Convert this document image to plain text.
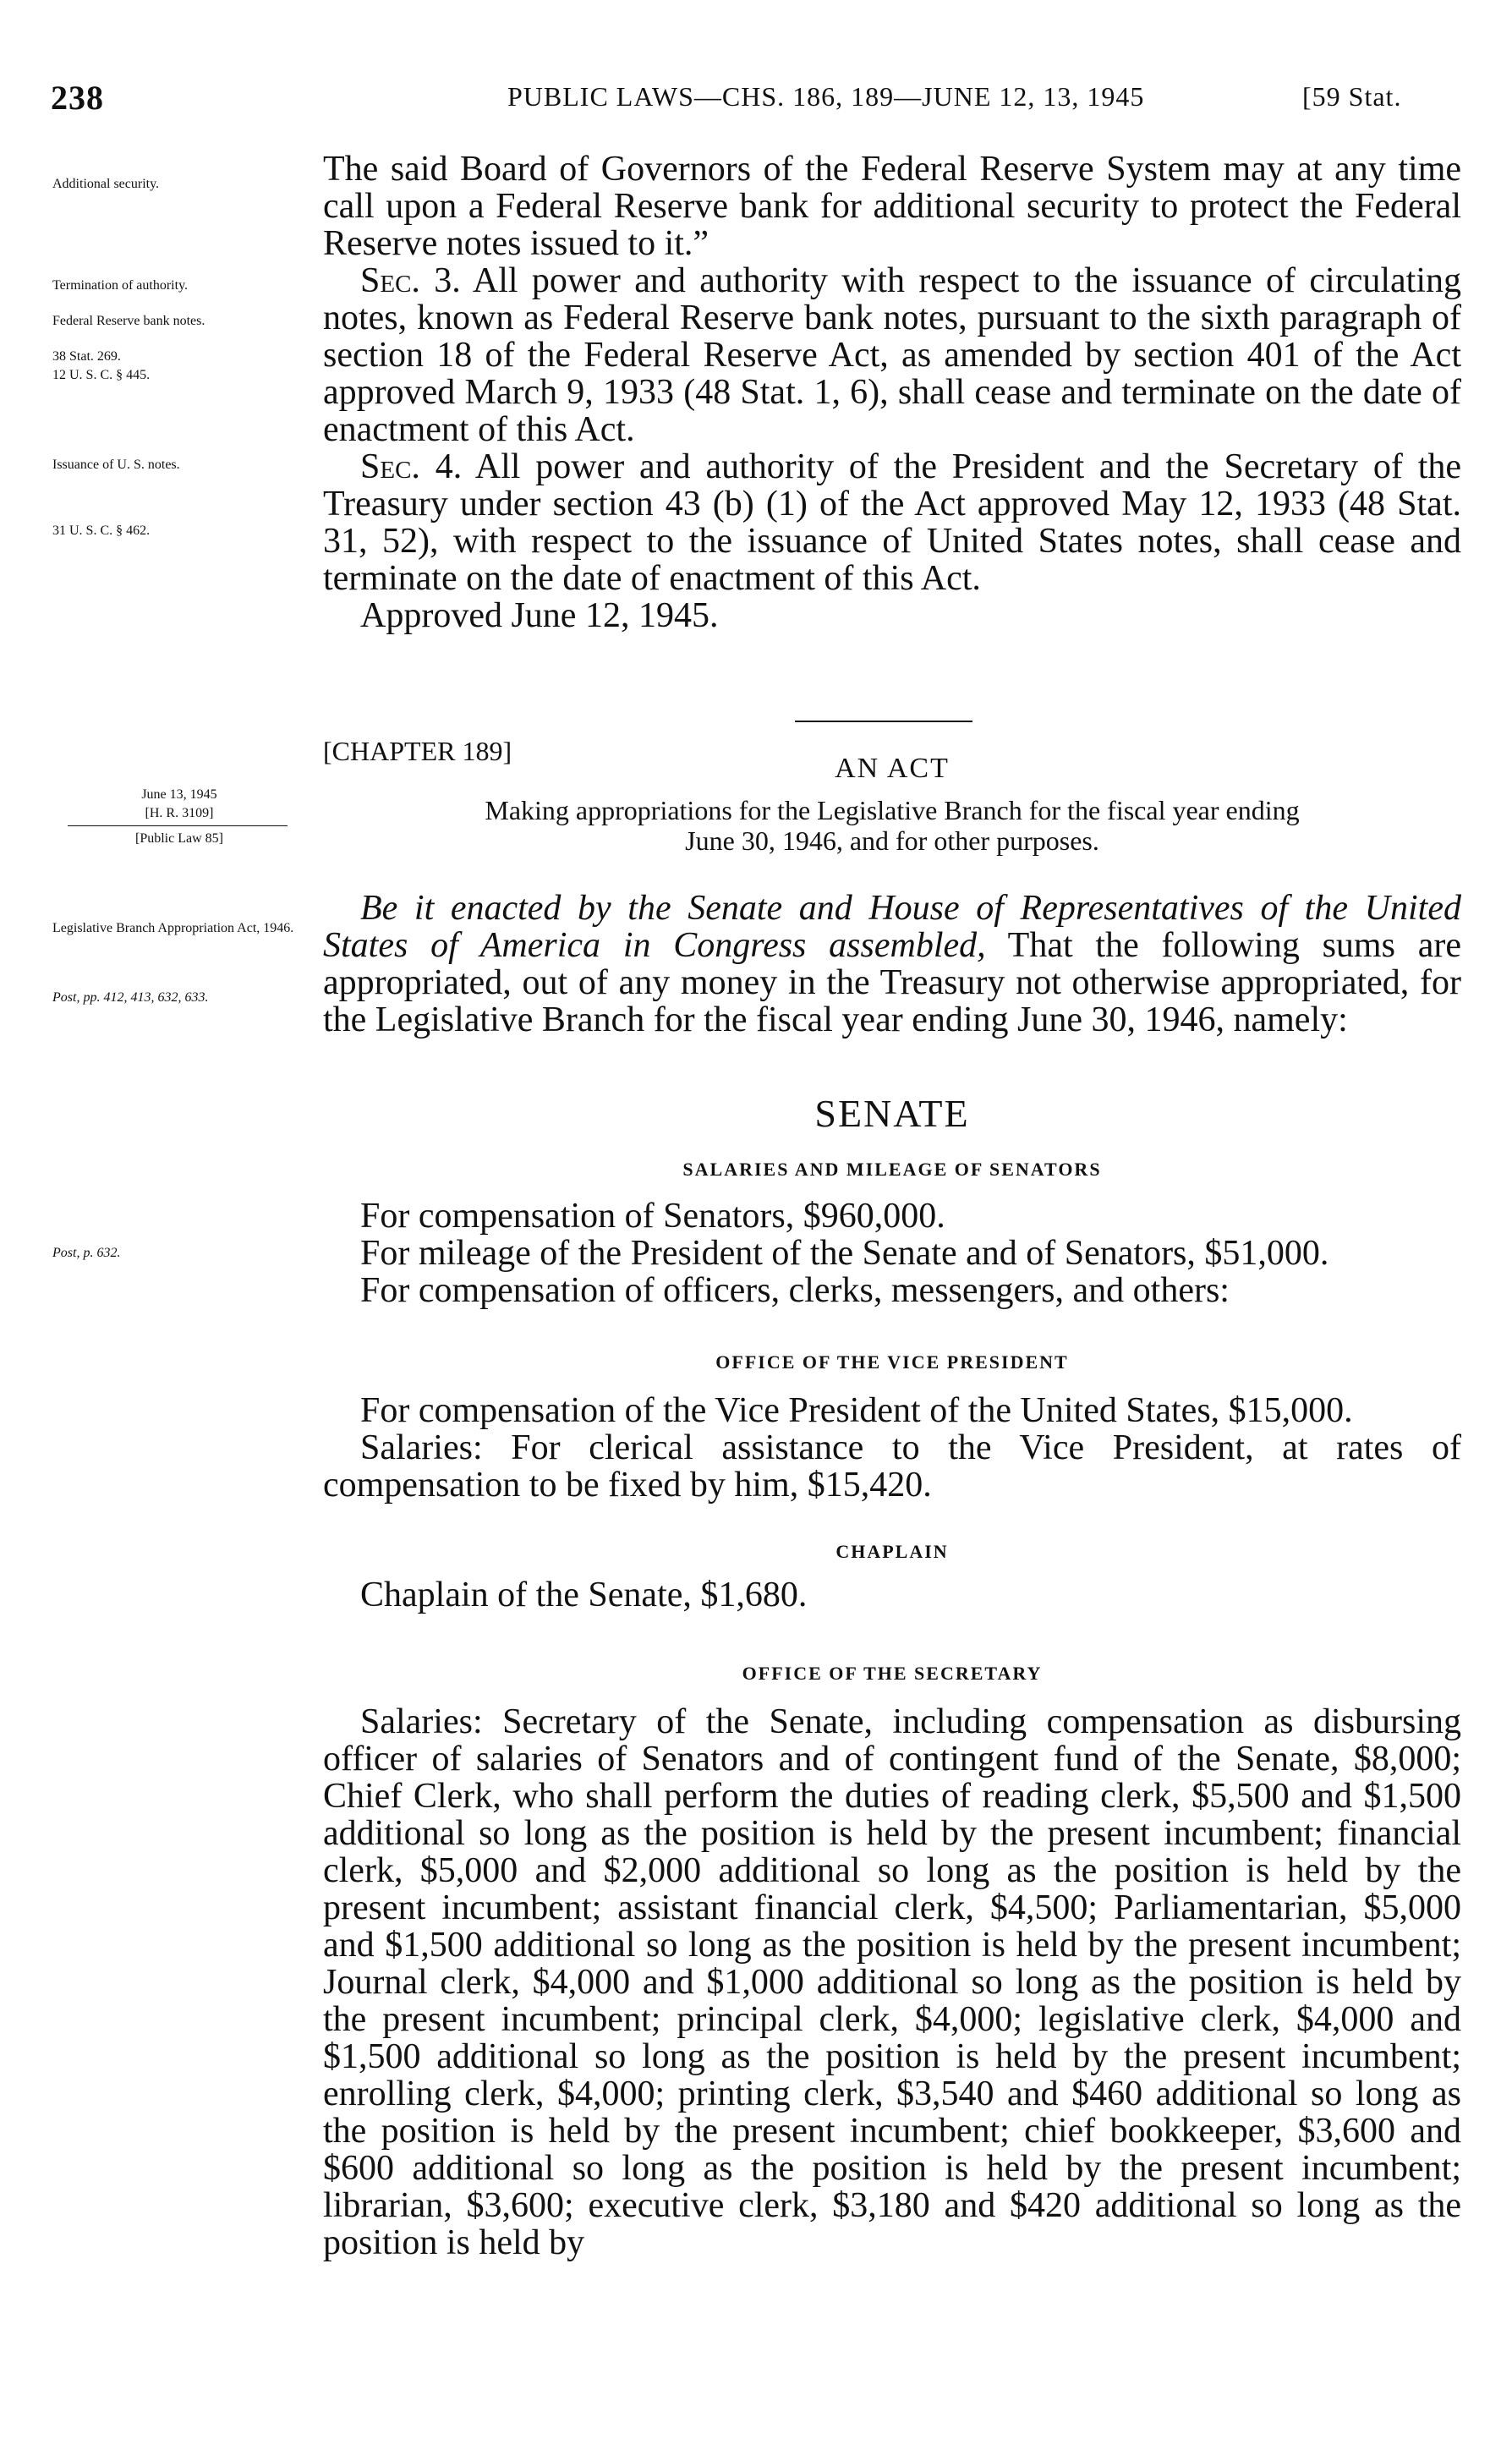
238	PUBLIC LAWS—CHS. 186, 189—JUNE 12, 13, 1945	[59 Stat.
Additional security.
Termination of authority.
Federal Reserve bank notes.
38 Stat. 269.
12 U. S. C. § 445.
Issuance of U. S. notes.
31 U. S. C. § 462.
June 13, 1945
[H. R. 3109]
[Public Law 85]
Legislative Branch Appropriation Act, 1946.
Post, pp. 412, 413, 632, 633.
Post, p. 632.

The said Board of Governors of the Federal Reserve System may at any time call upon a Federal Reserve bank for additional security to protect the Federal Reserve notes issued to it.”

Sec. 3. All power and authority with respect to the issuance of circulating notes, known as Federal Reserve bank notes, pursuant to the sixth paragraph of section 18 of the Federal Reserve Act, as amended by section 401 of the Act approved March 9, 1933 (48 Stat. 1, 6), shall cease and terminate on the date of enactment of this Act.

Sec. 4. All power and authority of the President and the Secretary of the Treasury under section 43 (b) (1) of the Act approved May 12, 1933 (48 Stat. 31, 52), with respect to the issuance of United States notes, shall cease and terminate on the date of enactment of this Act.

Approved June 12, 1945.

[CHAPTER 189]
AN ACT
Making appropriations for the Legislative Branch for the fiscal year ending
June 30, 1946, and for other purposes.

Be it enacted by the Senate and House of Representatives of the United States of America in Congress assembled, That the following sums are appropriated, out of any money in the Treasury not otherwise appropriated, for the Legislative Branch for the fiscal year ending June 30, 1946, namely:

SENATE
SALARIES AND MILEAGE OF SENATORS

For compensation of Senators, $960,000.

For mileage of the President of the Senate and of Senators, $51,000.

For compensation of officers, clerks, messengers, and others:

OFFICE OF THE VICE PRESIDENT

For compensation of the Vice President of the United States, $15,000.

Salaries: For clerical assistance to the Vice President, at rates of compensation to be fixed by him, $15,420.

CHAPLAIN

Chaplain of the Senate, $1,680.

OFFICE OF THE SECRETARY

Salaries: Secretary of the Senate, including compensation as disbursing officer of salaries of Senators and of contingent fund of the Senate, $8,000; Chief Clerk, who shall perform the duties of reading clerk, $5,500 and $1,500 additional so long as the position is held by the present incumbent; financial clerk, $5,000 and $2,000 additional so long as the position is held by the present incumbent; assistant financial clerk, $4,500; Parliamentarian, $5,000 and $1,500 additional so long as the position is held by the present incumbent; Journal clerk, $4,000 and $1,000 additional so long as the position is held by the present incumbent; principal clerk, $4,000; legislative clerk, $4,000 and $1,500 additional so long as the position is held by the present incumbent; enrolling clerk, $4,000; printing clerk, $3,540 and $460 additional so long as the position is held by the present incumbent; chief bookkeeper, $3,600 and $600 additional so long as the position is held by the present incumbent; librarian, $3,600; executive clerk, $3,180 and $420 additional so long as the position is held by
